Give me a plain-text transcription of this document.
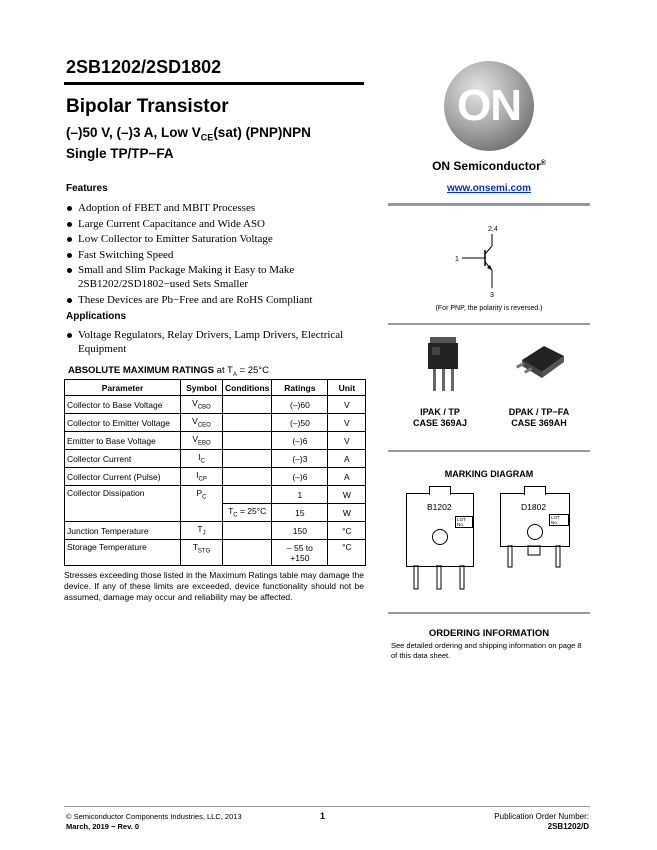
2SB1202/2SD1802
Bipolar Transistor
(–)50 V, (–)3 A, Low $V_{CE}(sat)$ (PNP)NPN
Single TP/TP−FA
Features
Adoption of FBET and MBIT Processes
Large Current Capacitance and Wide ASO
Low Collector to Emitter Saturation Voltage
Fast Switching Speed
Small and Slim Package Making it Easy to Make 2SB1202/2SD1802−used Sets Smaller
These Devices are Pb−Free and are RoHS Compliant
Applications
Voltage Regulators, Relay Drivers, Lamp Drivers, Electrical Equipment
ABSOLUTE MAXIMUM RATINGS at $T_A = 25^\circ C$
Parameter	Symbol	Conditions	Ratings	Unit
Collector to Base Voltage	$V_{CBO}$		(–)60	V
Collector to Emitter Voltage	$V_{CEO}$		(–)50	V
Emitter to Base Voltage	$V_{EBO}$		(–)6	V
Collector Current	$I_C$		(–)3	A
Collector Current (Pulse)	$I_{CP}$		(–)6	A
Collector Dissipation	$P_C$		1	W
		$T_C = 25^\circ C$	15	W
Junction Temperature	$T_J$		150	°C
Storage Temperature	$T_{STG}$		– 55 to +150	°C
Stresses exceeding those listed in the Maximum Ratings table may damage the device. If any of these limits are exceeded, device functionality should not be assumed, damage may occur and reliability may be affected.
ON
ON Semiconductor®
www.onsemi.com
2,4
1
3
(For PNP, the polarity is reversed.)
IPAK / TP
CASE 369AJ
DPAK / TP−FA
CASE 369AH
MARKING DIAGRAM
B1202
LOT No.
D1802
LOT No.
ORDERING INFORMATION
See detailed ordering and shipping information on page 8 of this data sheet.
© Semiconductor Components Industries, LLC, 2013
March, 2019 − Rev. 0
1	Publication Order Number:
2SB1202/D
